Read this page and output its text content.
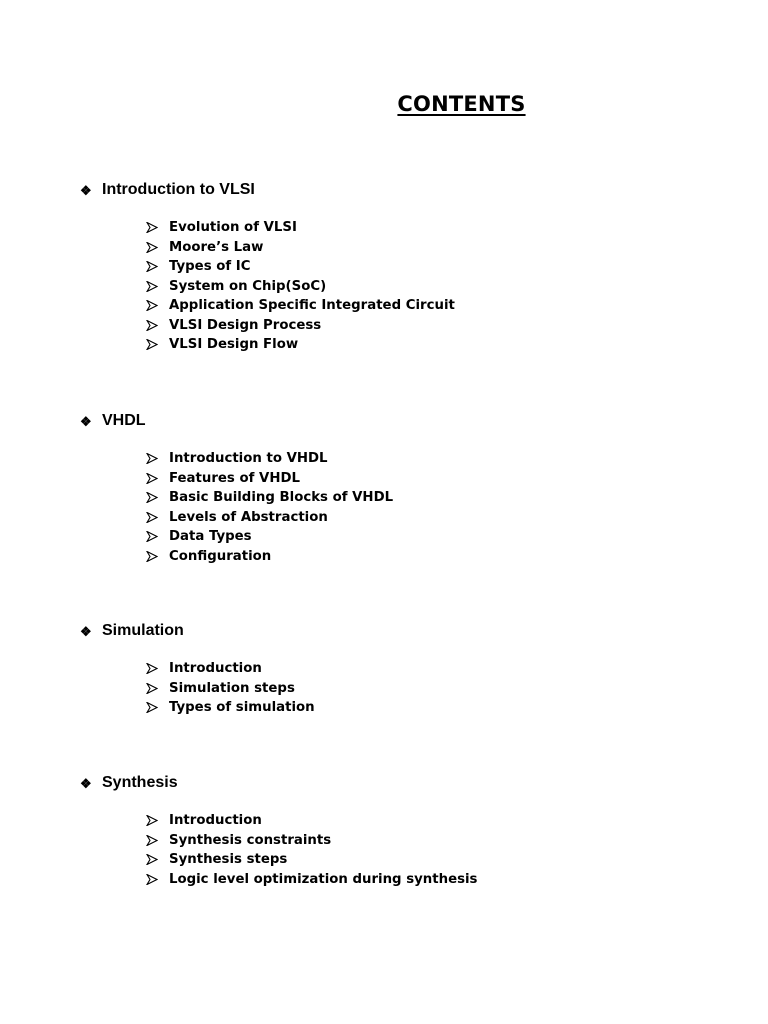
CONTENTS
❖ Introduction to VLSI
Evolution of VLSI
Moore’s Law
Types of IC
System on Chip(SoC)
Application Specific Integrated Circuit
VLSI Design Process
VLSI Design Flow
❖ VHDL
Introduction to VHDL
Features of VHDL
Basic Building Blocks of VHDL
Levels of Abstraction
Data Types
Configuration
❖ Simulation
Introduction
Simulation steps
Types of simulation
❖ Synthesis
Introduction
Synthesis constraints
Synthesis steps
Logic level optimization during synthesis
